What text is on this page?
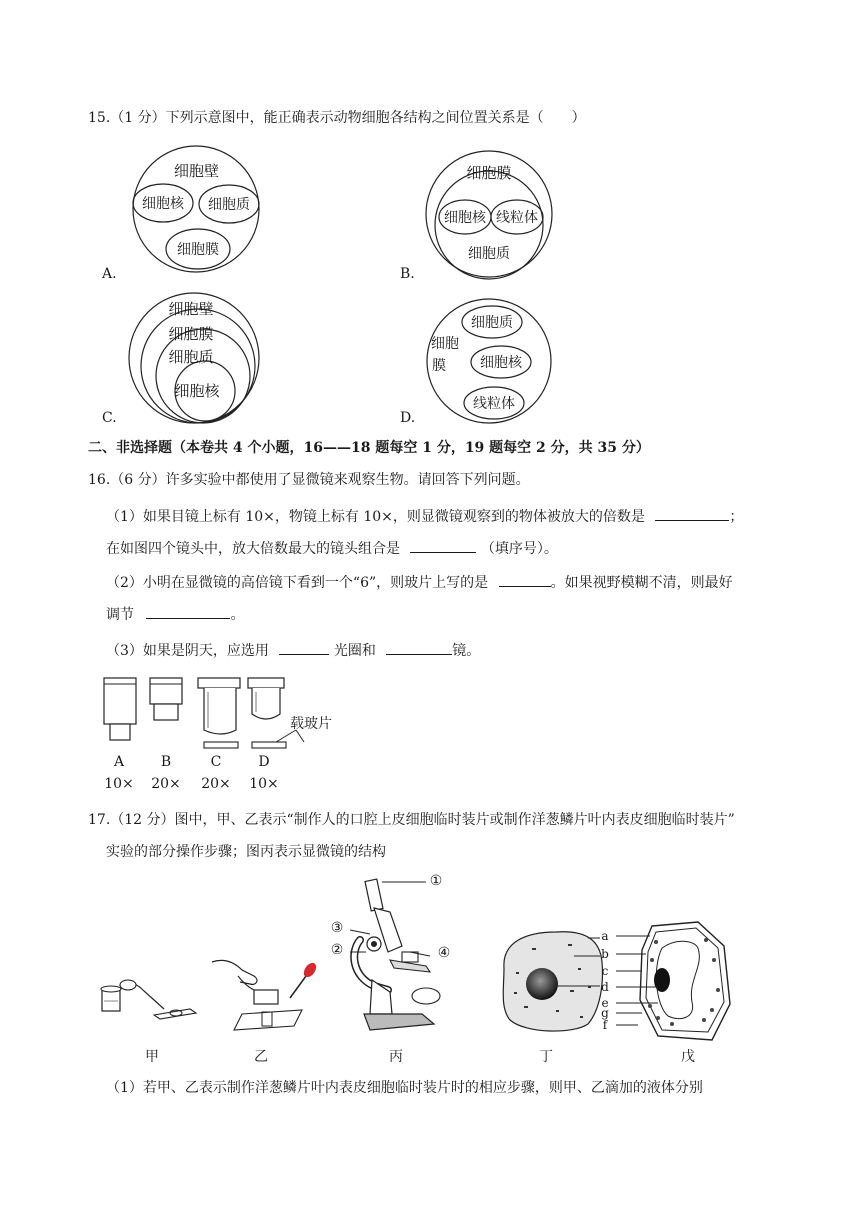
15.（1 分）下列示意图中，能正确表示动物细胞各结构之间位置关系是（　　）
细胞壁
细胞核 细胞质
细胞膜
A.
细胞膜
细胞核 线粒体
细胞质
B.
细胞壁
细胞膜
细胞质
细胞核
C.
细胞质
细胞核
线粒体
细胞
膜
D.
二、非选择题（本卷共 4 个小题，16——18 题每空 1 分，19 题每空 2 分，共 35 分）
16.（6 分）许多实验中都使用了显微镜来观察生物。请回答下列问题。
（1）如果目镜上标有 10×，物镜上标有 10×，则显微镜观察到的物体被放大的倍数是	；
在如图四个镜头中，放大倍数最大的镜头组合是	（填序号）。
（2）小明在显微镜的高倍镜下看到一个“6”，则玻片上写的是	。如果视野模糊不清，则最好
调节	。
（3）如果是阴天，应选用	光圈和	镜。
载玻片
A	B	C	D
10×	20×	20×	10×
17.（12 分）图中，甲、乙表示“制作人的口腔上皮细胞临时装片或制作洋葱鳞片叶内表皮细胞临时装片”
实验的部分操作步骤；图丙表示显微镜的结构
①
②
③
④
a
b
c
d
e
g
f
甲	乙	丙	丁	戊
（1）若甲、乙表示制作洋葱鳞片叶内表皮细胞临时装片时的相应步骤，则甲、乙滴加的液体分别
